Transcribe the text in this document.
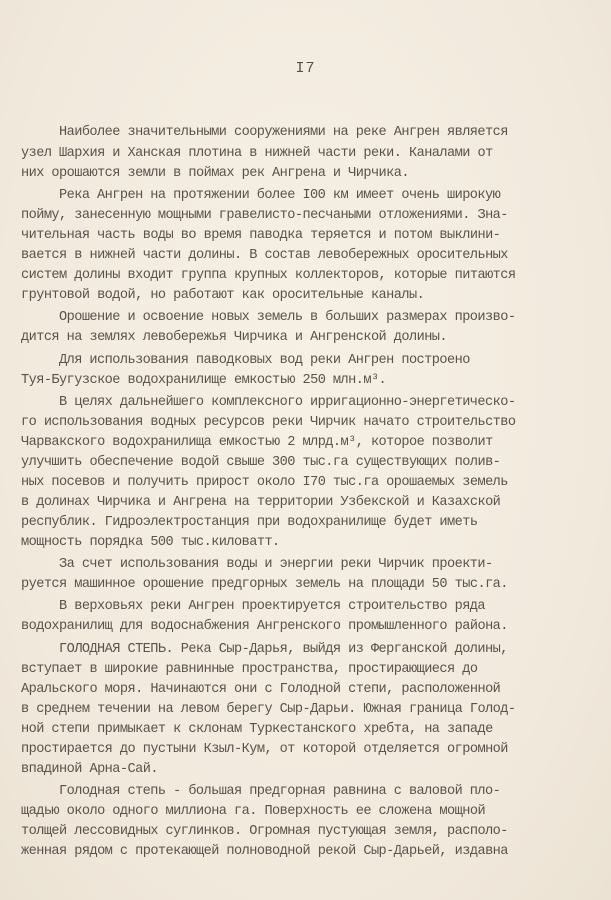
I7
Наиболее значительными сооружениями на реке Ангрен является
узел Шархия и Ханская плотина в нижней части реки. Каналами от
них орошаются земли в поймах рек Ангрена и Чирчика.
Река Ангрен на протяжении более I00 км имеет очень широкую
пойму, занесенную мощными гравелисто-песчаными отложениями. Зна-
чительная часть воды во время паводка теряется и потом выклини-
вается в нижней части долины. В состав левобережных оросительных
систем долины входит группа крупных коллекторов, которые питаются
грунтовой водой, но работают как оросительные каналы.
Орошение и освоение новых земель в больших размерах произво-
дится на землях левобережья Чирчика и Ангренской долины.
Для использования паводковых вод реки Ангрен построено
Туя-Бугузское водохранилище емкостью 250 млн.м³.
В целях дальнейшего комплексного ирригационно-энергетическо-
го использования водных ресурсов реки Чирчик начато строительство
Чарвакского водохранилища емкостью 2 млрд.м³, которое позволит
улучшить обеспечение водой свыше 300 тыс.га существующих полив-
ных посевов и получить прирост около I70 тыс.га орошаемых земель
в долинах Чирчика и Ангрена на территории Узбекской и Казахской
республик. Гидроэлектростанция при водохранилище будет иметь
мощность порядка 500 тыс.киловатт.
За счет использования воды и энергии реки Чирчик проекти-
руется машинное орошение предгорных земель на площади 50 тыс.га.
В верховьях реки Ангрен проектируется строительство ряда
водохранилищ для водоснабжения Ангренского промышленного района.
ГОЛОДНАЯ СТЕПЬ. Река Сыр-Дарья, выйдя из Ферганской долины,
вступает в широкие равнинные пространства, простирающиеся до
Аральского моря. Начинаются они с Голодной степи, расположенной
в среднем течении на левом берегу Сыр-Дарьи. Южная граница Голод-
ной степи примыкает к склонам Туркестанского хребта, на западе
простирается до пустыни Кзыл-Кум, от которой отделяется огромной
впадиной Арна-Сай.
Голодная степь - большая предгорная равнина с валовой пло-
щадью около одного миллиона га. Поверхность ее сложена мощной
толщей лессовидных суглинков. Огромная пустующая земля, располо-
женная рядом с протекающей полноводной рекой Сыр-Дарьей, издавна
